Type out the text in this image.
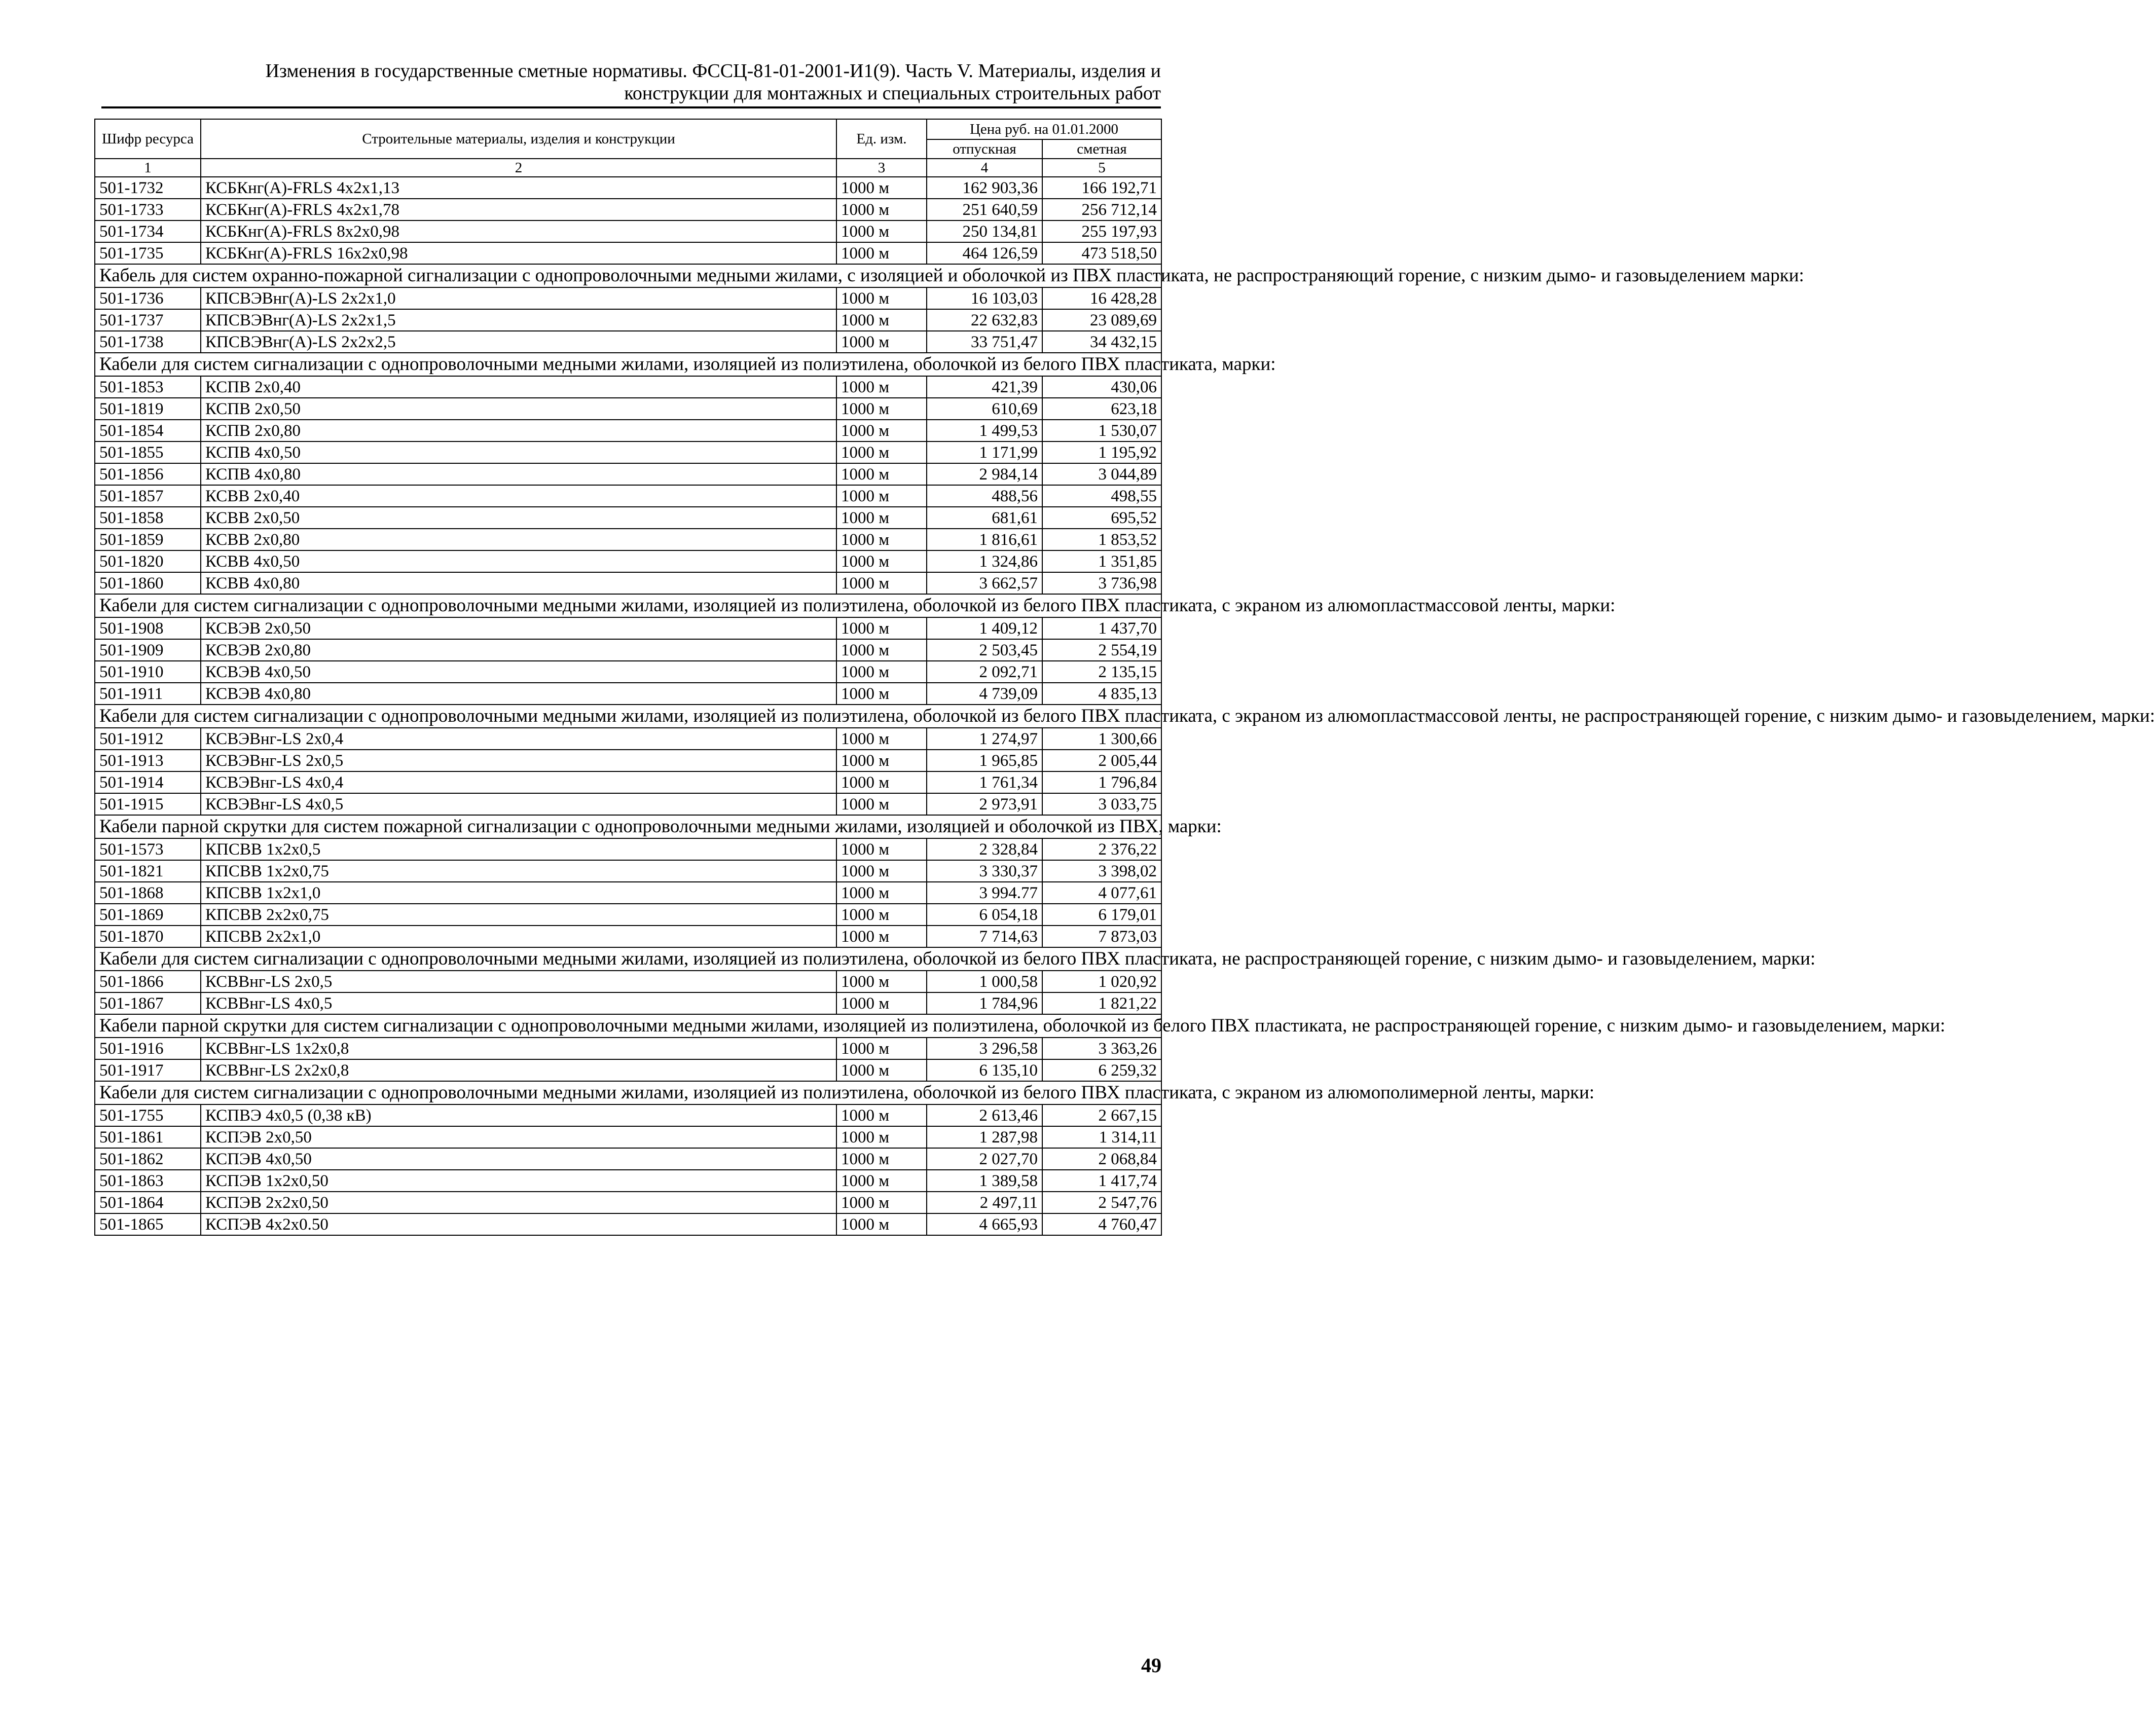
Изменения в государственные сметные нормативы. ФССЦ-81-01-2001-И1(9). Часть V. Материалы, изделия и
конструкции для монтажных и специальных строительных работ
Шифр ресурса	Строительные материалы, изделия и конструкции	Ед. изм.	Цена руб. на 01.01.2000	
			отпускная	сметная
1	2	3	4	5
501-1732	КСБКнг(А)-FRLS 4x2x1,13	1000 м	162 903,36	166 192,71
501-1733	КСБКнг(А)-FRLS 4x2x1,78	1000 м	251 640,59	256 712,14
501-1734	КСБКнг(А)-FRLS 8x2x0,98	1000 м	250 134,81	255 197,93
501-1735	КСБКнг(А)-FRLS 16x2x0,98	1000 м	464 126,59	473 518,50
Кабель для систем охранно-пожарной сигнализации с однопроволочными медными жилами, с изоляцией и оболочкой из ПВХ пластиката, не распространяющий горение, с низким дымо- и газовыделением марки:				
501-1736	КПСВЭВнг(А)-LS 2x2x1,0	1000 м	16 103,03	16 428,28
501-1737	КПСВЭВнг(А)-LS 2x2x1,5	1000 м	22 632,83	23 089,69
501-1738	КПСВЭВнг(А)-LS 2x2x2,5	1000 м	33 751,47	34 432,15
Кабели для систем сигнализации с однопроволочными медными жилами, изоляцией из полиэтилена, оболочкой из белого ПВХ пластиката, марки:				
501-1853	КСПВ 2x0,40	1000 м	421,39	430,06
501-1819	КСПВ 2x0,50	1000 м	610,69	623,18
501-1854	КСПВ 2x0,80	1000 м	1 499,53	1 530,07
501-1855	КСПВ 4x0,50	1000 м	1 171,99	1 195,92
501-1856	КСПВ 4x0,80	1000 м	2 984,14	3 044,89
501-1857	КСВВ 2x0,40	1000 м	488,56	498,55
501-1858	КСВВ 2x0,50	1000 м	681,61	695,52
501-1859	КСВВ 2x0,80	1000 м	1 816,61	1 853,52
501-1820	КСВВ 4x0,50	1000 м	1 324,86	1 351,85
501-1860	КСВВ 4x0,80	1000 м	3 662,57	3 736,98
Кабели для систем сигнализации с однопроволочными медными жилами, изоляцией из полиэтилена, оболочкой из белого ПВХ пластиката, с экраном из алюмопластмассовой ленты, марки:				
501-1908	КСВЭВ 2x0,50	1000 м	1 409,12	1 437,70
501-1909	КСВЭВ 2x0,80	1000 м	2 503,45	2 554,19
501-1910	КСВЭВ 4x0,50	1000 м	2 092,71	2 135,15
501-1911	КСВЭВ 4x0,80	1000 м	4 739,09	4 835,13
Кабели для систем сигнализации с однопроволочными медными жилами, изоляцией из полиэтилена, оболочкой из белого ПВХ пластиката, с экраном из алюмопластмассовой ленты, не распространяющей горение, с низким дымо- и газовыделением, марки:				
501-1912	КСВЭВнг-LS 2x0,4	1000 м	1 274,97	1 300,66
501-1913	КСВЭВнг-LS 2x0,5	1000 м	1 965,85	2 005,44
501-1914	КСВЭВнг-LS 4x0,4	1000 м	1 761,34	1 796,84
501-1915	КСВЭВнг-LS 4x0,5	1000 м	2 973,91	3 033,75
Кабели парной скрутки для систем пожарной сигнализации с однопроволочными медными жилами, изоляцией и оболочкой из ПВХ, марки:				
501-1573	КПСВВ 1x2x0,5	1000 м	2 328,84	2 376,22
501-1821	КПСВВ 1x2x0,75	1000 м	3 330,37	3 398,02
501-1868	КПСВВ 1x2x1,0	1000 м	3 994.77	4 077,61
501-1869	КПСВВ 2x2x0,75	1000 м	6 054,18	6 179,01
501-1870	КПСВВ 2x2x1,0	1000 м	7 714,63	7 873,03
Кабели для систем сигнализации с однопроволочными медными жилами, изоляцией из полиэтилена, оболочкой из белого ПВХ пластиката, не распространяющей горение, с низким дымо- и газовыделением, марки:				
501-1866	КСВВнг-LS 2x0,5	1000 м	1 000,58	1 020,92
501-1867	КСВВнг-LS 4x0,5	1000 м	1 784,96	1 821,22
Кабели парной скрутки для систем сигнализации с однопроволочными медными жилами, изоляцией из полиэтилена, оболочкой из белого ПВХ пластиката, не распространяющей горение, с низким дымо- и газовыделением, марки:				
501-1916	КСВВнг-LS 1x2x0,8	1000 м	3 296,58	3 363,26
501-1917	КСВВнг-LS 2x2x0,8	1000 м	6 135,10	6 259,32
Кабели для систем сигнализации с однопроволочными медными жилами, изоляцией из полиэтилена, оболочкой из белого ПВХ пластиката, с экраном из алюмополимерной ленты, марки:				
501-1755	КСПВЭ 4x0,5 (0,38 кВ)	1000 м	2 613,46	2 667,15
501-1861	КСПЭВ 2x0,50	1000 м	1 287,98	1 314,11
501-1862	КСПЭВ 4x0,50	1000 м	2 027,70	2 068,84
501-1863	КСПЭВ 1x2x0,50	1000 м	1 389,58	1 417,74
501-1864	КСПЭВ 2x2x0,50	1000 м	2 497,11	2 547,76
501-1865	КСПЭВ 4x2x0.50	1000 м	4 665,93	4 760,47
49
